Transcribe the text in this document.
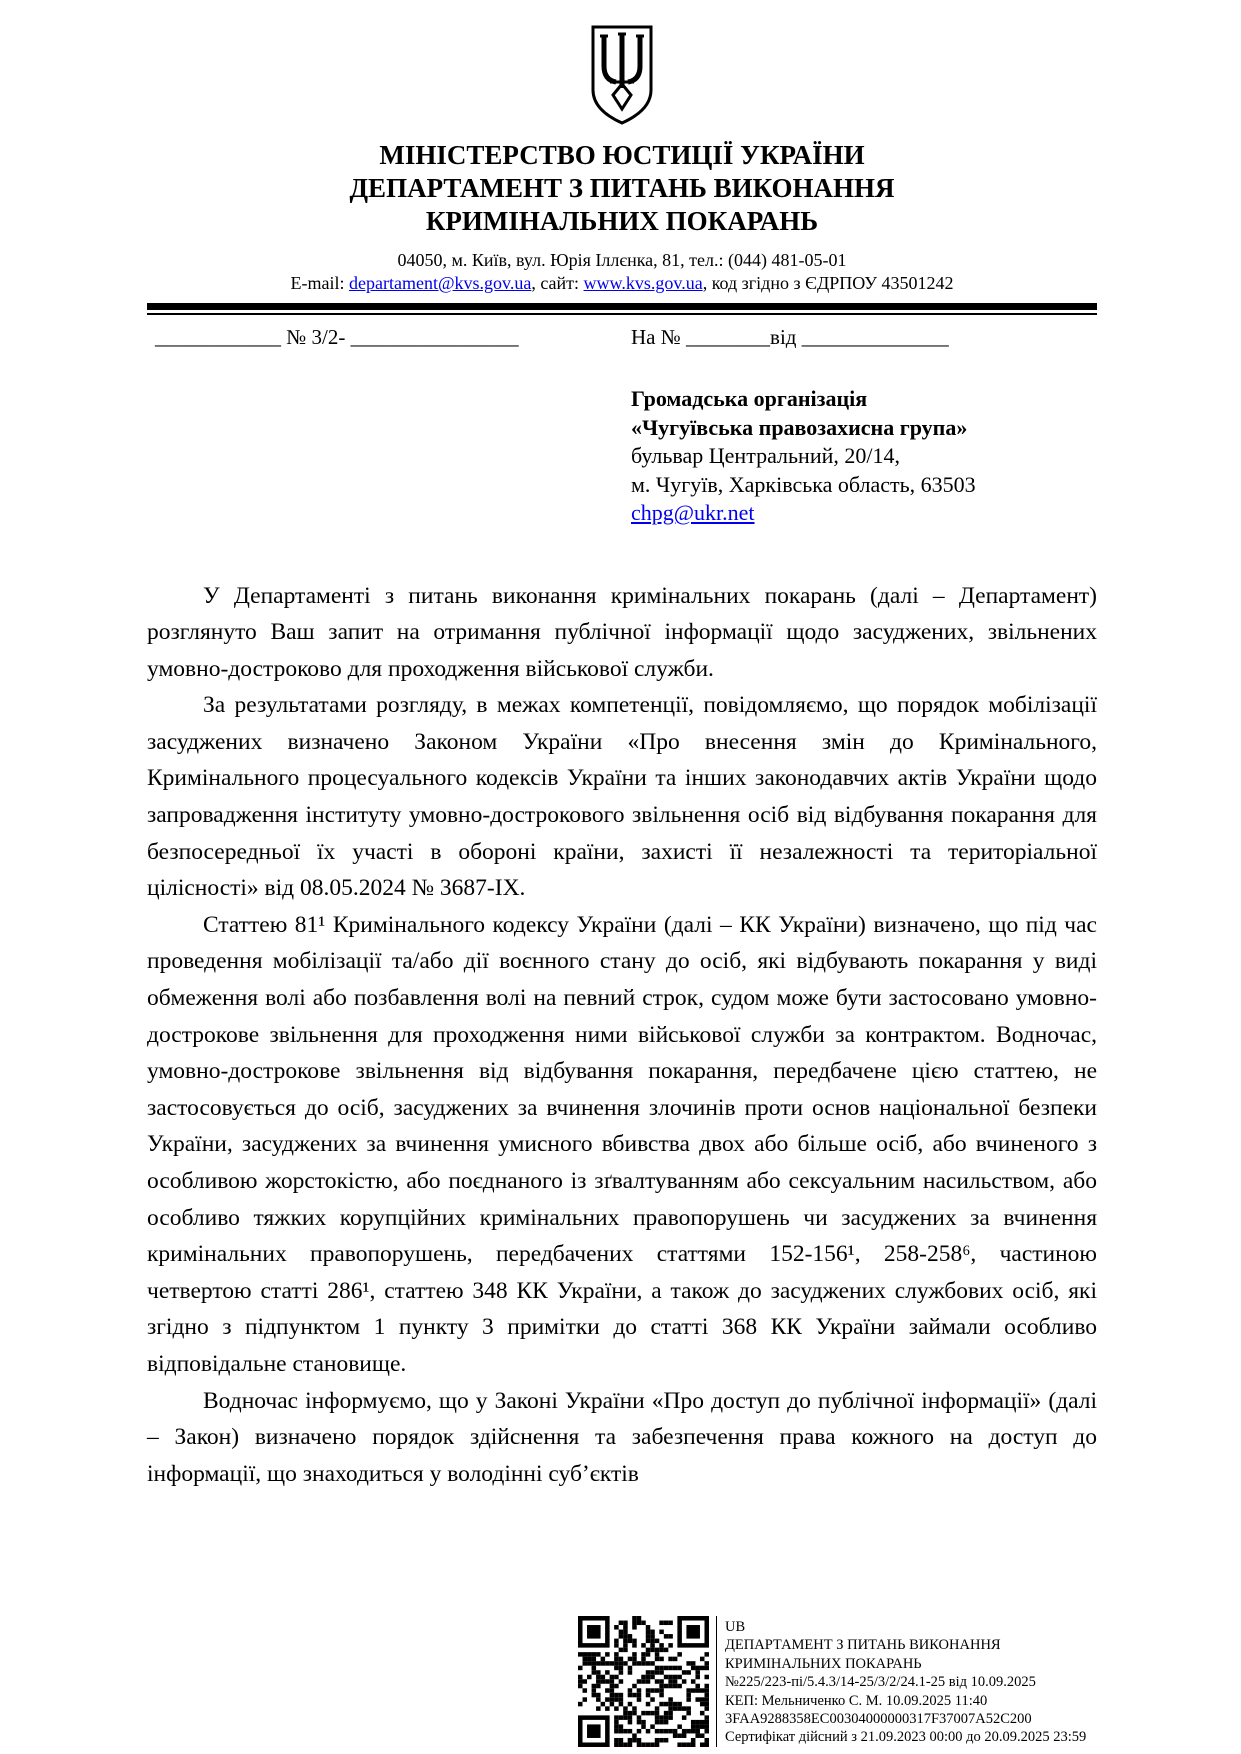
МІНІСТЕРСТВО ЮСТИЦІЇ УКРАЇНИ
ДЕПАРТАМЕНТ З ПИТАНЬ ВИКОНАННЯ
КРИМІНАЛЬНИХ ПОКАРАНЬ
04050, м. Київ, вул. Юрія Іллєнка, 81, тел.: (044) 481-05-01
E-mail: departament@kvs.gov.ua, сайт: www.kvs.gov.ua, код згідно з ЄДРПОУ 43501242
____________ № 3/2- ________________	На № ________від ______________
Громадська організація
«Чугуївська правозахисна група»
бульвар Центральний, 20/14,
м. Чугуїв, Харківська область, 63503
chpg@ukr.net

У Департаменті з питань виконання кримінальних покарань (далі – Департамент) розглянуто Ваш запит на отримання публічної інформації щодо засуджених, звільнених умовно-достроково для проходження військової служби.

За результатами розгляду, в межах компетенції, повідомляємо, що порядок мобілізації засуджених визначено Законом України «Про внесення змін до Кримінального, Кримінального процесуального кодексів України та інших законодавчих актів України щодо запровадження інституту умовно-дострокового звільнення осіб від відбування покарання для безпосередньої їх участі в обороні країни, захисті її незалежності та територіальної цілісності» від 08.05.2024 № 3687-IX.

Статтею 81¹ Кримінального кодексу України (далі – КК України) визначено, що під час проведення мобілізації та/або дії воєнного стану до осіб, які відбувають покарання у виді обмеження волі або позбавлення волі на певний строк, судом може бути застосовано умовно-дострокове звільнення для проходження ними військової служби за контрактом. Водночас, умовно-дострокове звільнення від відбування покарання, передбачене цією статтею, не застосовується до осіб, засуджених за вчинення злочинів проти основ національної безпеки України, засуджених за вчинення умисного вбивства двох або більше осіб, або вчиненого з особливою жорстокістю, або поєднаного із зґвалтуванням або сексуальним насильством, або особливо тяжких корупційних кримінальних правопорушень чи засуджених за вчинення кримінальних правопорушень, передбачених статтями 152-156¹, 258-258⁶, частиною четвертою статті 286¹, статтею 348 КК України, а також до засуджених службових осіб, які згідно з підпунктом 1 пункту 3 примітки до статті 368 КК України займали особливо відповідальне становище.

Водночас інформуємо, що у Законі України «Про доступ до публічної інформації» (далі – Закон) визначено порядок здійснення та забезпечення права кожного на доступ до інформації, що знаходиться у володінні суб’єктів

UB
ДЕПАРТАМЕНТ З ПИТАНЬ ВИКОНАННЯ
КРИМІНАЛЬНИХ ПОКАРАНЬ
№225/223-пі/5.4.3/14-25/3/2/24.1-25 від 10.09.2025
КЕП: Мельниченко С. М. 10.09.2025 11:40
3FAA9288358EC00304000000317F37007A52C200
Сертифікат дійсний з 21.09.2023 00:00 до 20.09.2025 23:59
